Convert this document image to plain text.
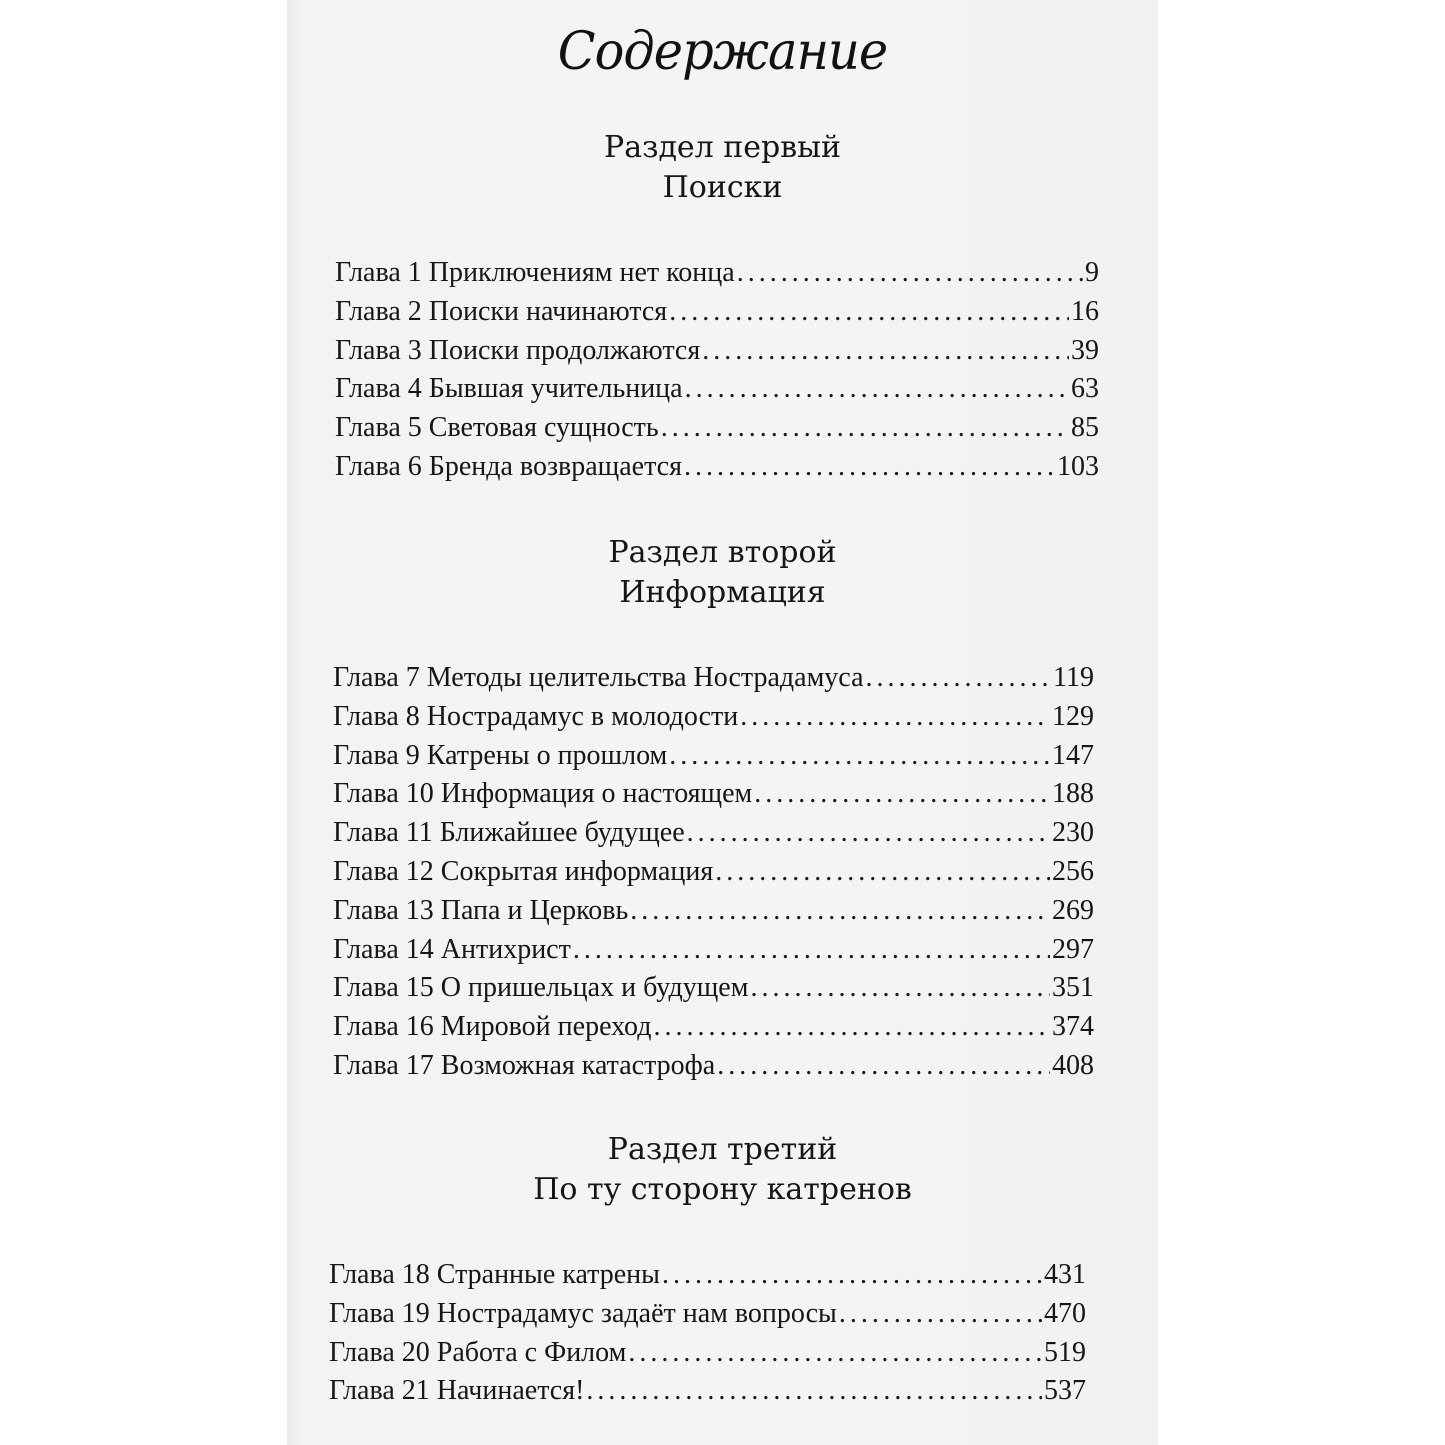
Содержание
Раздел первый
Поиски
Глава 1 Приключениям нет конца .....	9
Глава 2 Поиски начинаются .....	16
Глава 3 Поиски продолжаются .....	39
Глава 4 Бывшая учительница .....	63
Глава 5 Световая сущность .....	85
Глава 6 Бренда возвращается .....	103
Раздел второй
Информация
Глава 7 Методы целительства Нострадамуса .....	119
Глава 8 Нострадамус в молодости .....	129
Глава 9 Катрены о прошлом .....	147
Глава 10 Информация о настоящем .....	188
Глава 11 Ближайшее будущее .....	230
Глава 12 Сокрытая информация .....	256
Глава 13 Папа и Церковь .....	269
Глава 14 Антихрист .....	297
Глава 15 О пришельцах и будущем .....	351
Глава 16 Мировой переход .....	374
Глава 17 Возможная катастрофа .....	408
Раздел третий
По ту сторону катренов
Глава 18 Странные катрены .....	431
Глава 19 Нострадамус задаёт нам вопросы .....	470
Глава 20 Работа с Филом .....	519
Глава 21 Начинается! .....	537
